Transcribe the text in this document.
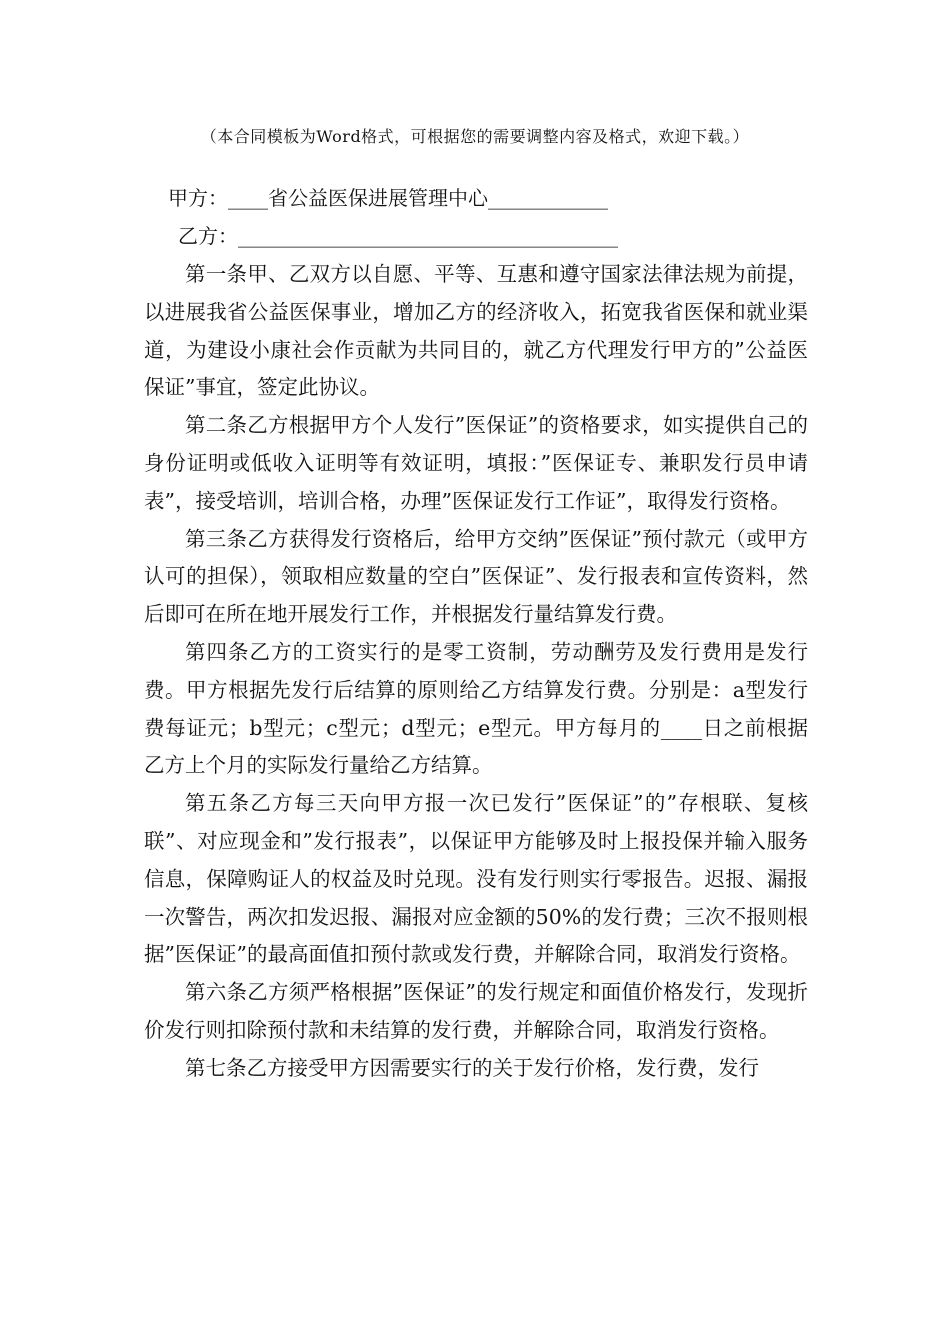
（本合同模板为Word格式，可根据您的需要调整内容及格式，欢迎下载。）
甲方：____省公益医保进展管理中心____________
乙方：______________________________________

第一条甲、乙双方以自愿、平等、互惠和遵守国家法律法规为前提，以进展我省公益医保事业，增加乙方的经济收入，拓宽我省医保和就业渠道，为建设小康社会作贡献为共同目的，就乙方代理发行甲方的”公益医保证”事宜，签定此协议。

第二条乙方根据甲方个人发行”医保证”的资格要求，如实提供自己的身份证明或低收入证明等有效证明，填报：”医保证专、兼职发行员申请表”，接受培训，培训合格，办理”医保证发行工作证”，取得发行资格。

第三条乙方获得发行资格后，给甲方交纳”医保证”预付款元（或甲方认可的担保），领取相应数量的空白”医保证”、发行报表和宣传资料，然后即可在所在地开展发行工作，并根据发行量结算发行费。

第四条乙方的工资实行的是零工资制，劳动酬劳及发行费用是发行费。甲方根据先发行后结算的原则给乙方结算发行费。分别是：a型发行费每证元；b型元；c型元；d型元；e型元。甲方每月的____日之前根据乙方上个月的实际发行量给乙方结算。

第五条乙方每三天向甲方报一次已发行”医保证”的”存根联、复核联”、对应现金和”发行报表”，以保证甲方能够及时上报投保并输入服务信息，保障购证人的权益及时兑现。没有发行则实行零报告。迟报、漏报一次警告，两次扣发迟报、漏报对应金额的50%的发行费；三次不报则根据”医保证”的最高面值扣预付款或发行费，并解除合同，取消发行资格。

第六条乙方须严格根据”医保证”的发行规定和面值价格发行，发现折价发行则扣除预付款和未结算的发行费，并解除合同，取消发行资格。

第七条乙方接受甲方因需要实行的关于发行价格，发行费，发行
